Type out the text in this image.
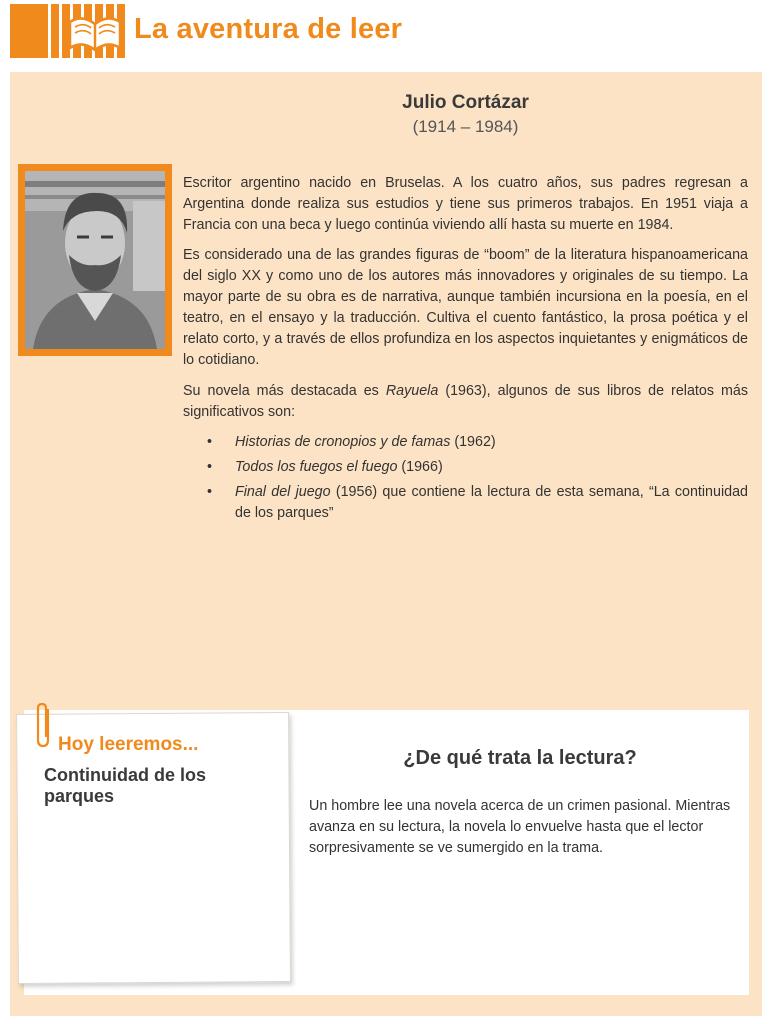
La aventura de leer
Julio Cortázar
(1914 – 1984)

Escritor argentino nacido en Bruselas. A los cuatro años, sus padres regresan a Argentina donde realiza sus estudios y tiene sus primeros trabajos. En 1951 viaja a Francia con una beca y luego continúa viviendo allí hasta su muerte en 1984.

Es considerado una de las grandes figuras de “boom” de la literatura hispanoamericana del siglo XX y como uno de los autores más innovadores y originales de su tiempo. La mayor parte de su obra es de narrativa, aunque también incursiona en la poesía, en el teatro, en el ensayo y la traducción. Cultiva el cuento fantástico, la prosa poética y el relato corto, y a través de ellos profundiza en los aspectos inquietantes y enigmáticos de lo cotidiano.

Su novela más destacada es Rayuela (1963), algunos de sus libros de relatos más significativos son:

• Historias de cronopios y de famas (1962)
• Todos los fuegos el fuego (1966)
• Final del juego (1956) que contiene la lectura de esta semana, “La continuidad de los parques”
Hoy leeremos...
Continuidad de los parques
¿De qué trata la lectura?
Un hombre lee una novela acerca de un crimen pasional. Mientras avanza en su lectura, la novela lo envuelve hasta que el lector sorpresivamente se ve sumergido en la trama.
